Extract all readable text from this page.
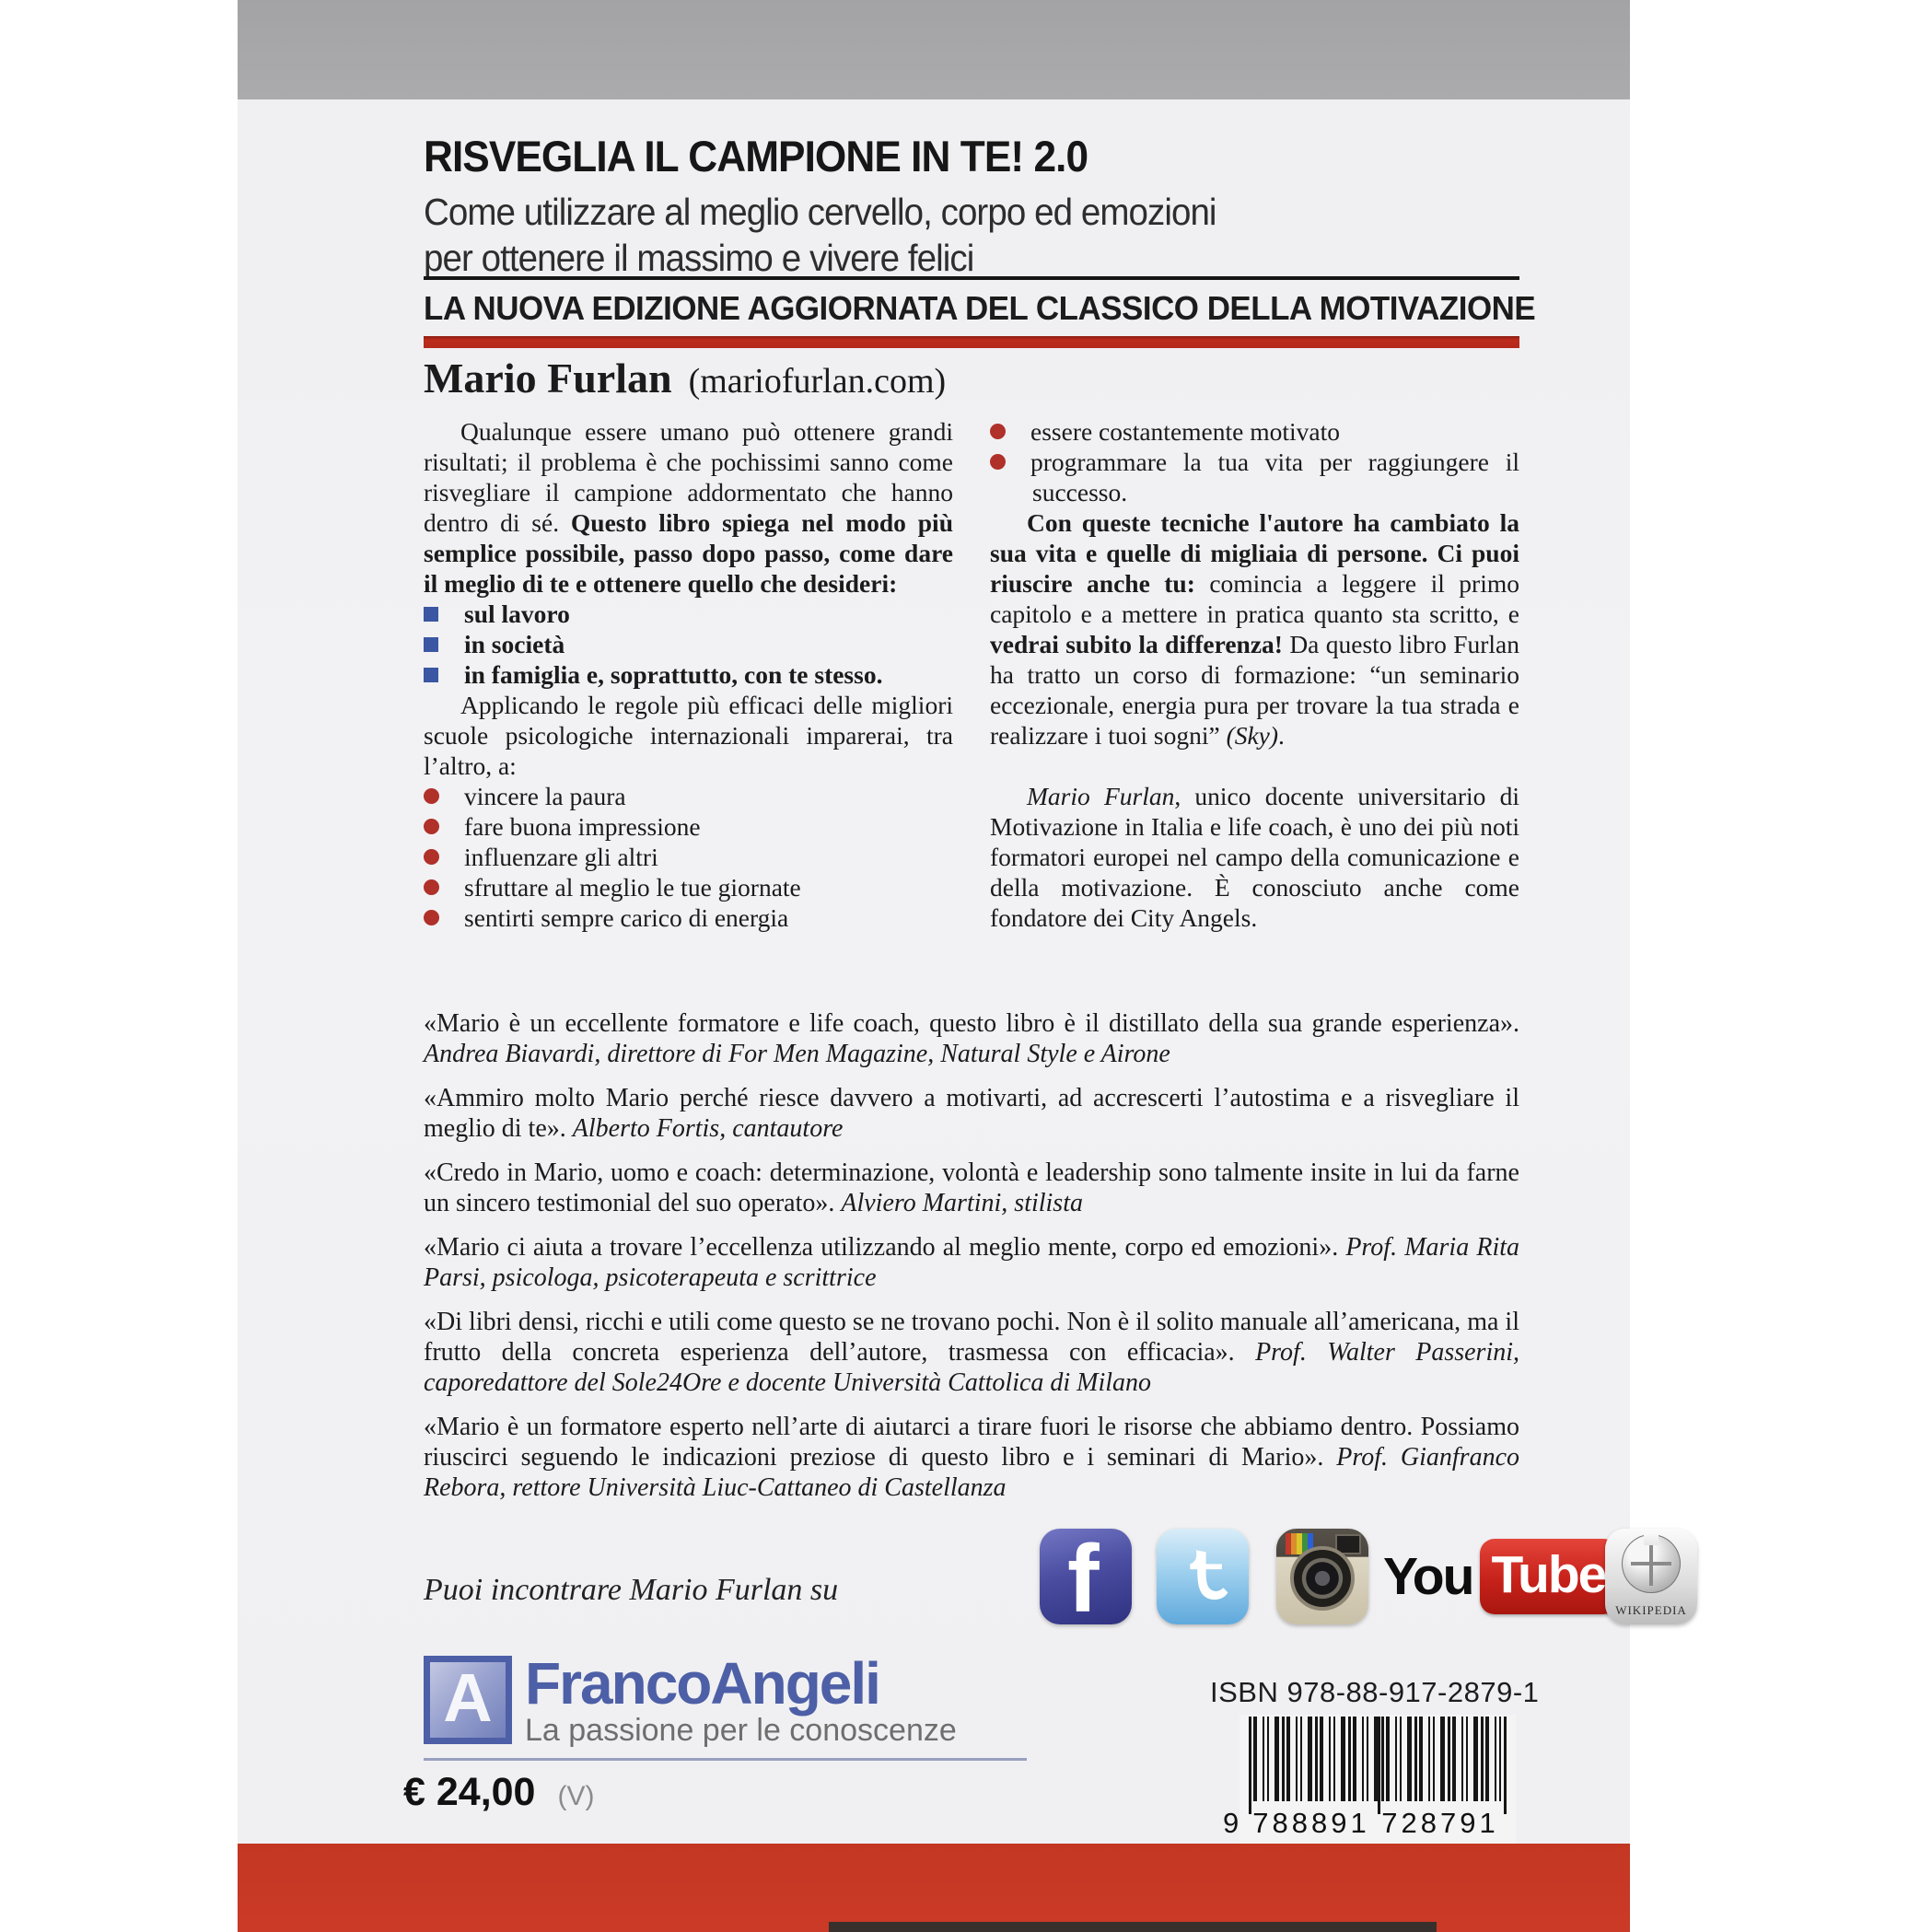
RISVEGLIA IL CAMPIONE IN TE! 2.0
Come utilizzare al meglio cervello, corpo ed emozioni
per ottenere il massimo e vivere felici
LA NUOVA EDIZIONE AGGIORNATA DEL CLASSICO DELLA MOTIVAZIONE
Mario Furlan (mariofurlan.com)

Qualunque essere umano può ottenere grandi risultati; il problema è che pochissimi sanno come risvegliare il campione addormentato che hanno dentro di sé. Questo libro spiega nel modo più semplice possibile, passo dopo passo, come dare il meglio di te e ottenere quello che desideri:

sul lavoro
in società
in famiglia e, soprattutto, con te stesso.

Applicando le regole più efficaci delle migliori scuole psicologiche internazionali imparerai, tra l’altro, a:

vincere la paura
fare buona impressione
influenzare gli altri
sfruttare al meglio le tue giornate
sentirti sempre carico di energia
essere costantemente motivato
programmare la tua vita per raggiungere il successo.

Con queste tecniche l'autore ha cambiato la sua vita e quelle di migliaia di persone. Ci puoi riuscire anche tu: comincia a leggere il primo capitolo e a mettere in pratica quanto sta scritto, e vedrai subito la differenza! Da questo libro Furlan ha tratto un corso di formazione: “un seminario eccezionale, energia pura per trovare la tua strada e realizzare i tuoi sogni” (Sky).

Mario Furlan, unico docente universitario di Motivazione in Italia e life coach, è uno dei più noti formatori europei nel campo della comunicazione e della motivazione. È conosciuto anche come fondatore dei City Angels.

«Mario è un eccellente formatore e life coach, questo libro è il distillato della sua grande esperienza». Andrea Biavardi, direttore di For Men Magazine, Natural Style e Airone

«Ammiro molto Mario perché riesce davvero a motivarti, ad accrescerti l’autostima e a risvegliare il meglio di te». Alberto Fortis, cantautore

«Credo in Mario, uomo e coach: determinazione, volontà e leadership sono talmente insite in lui da farne un sincero testimonial del suo operato». Alviero Martini, stilista

«Mario ci aiuta a trovare l’eccellenza utilizzando al meglio mente, corpo ed emozioni». Prof. Maria Rita Parsi, psicologa, psicoterapeuta e scrittrice

«Di libri densi, ricchi e utili come questo se ne trovano pochi. Non è il solito manuale all’americana, ma il frutto della concreta esperienza dell’autore, trasmessa con efficacia». Prof. Walter Passerini, caporedattore del Sole24Ore e docente Università Cattolica di Milano

«Mario è un formatore esperto nell’arte di aiutarci a tirare fuori le risorse che abbiamo dentro. Possiamo riuscirci seguendo le indicazioni preziose di questo libro e i seminari di Mario». Prof. Gianfranco Rebora, rettore Università Liuc-Cattaneo di Castellanza

Puoi incontrare Mario Furlan su f	You Tube
WIKIPEDIA
A FrancoAngeli
La passione per le conoscenze
€ 24,00 (V)
ISBN 978-88-917-2879-1
9 788891 728791
